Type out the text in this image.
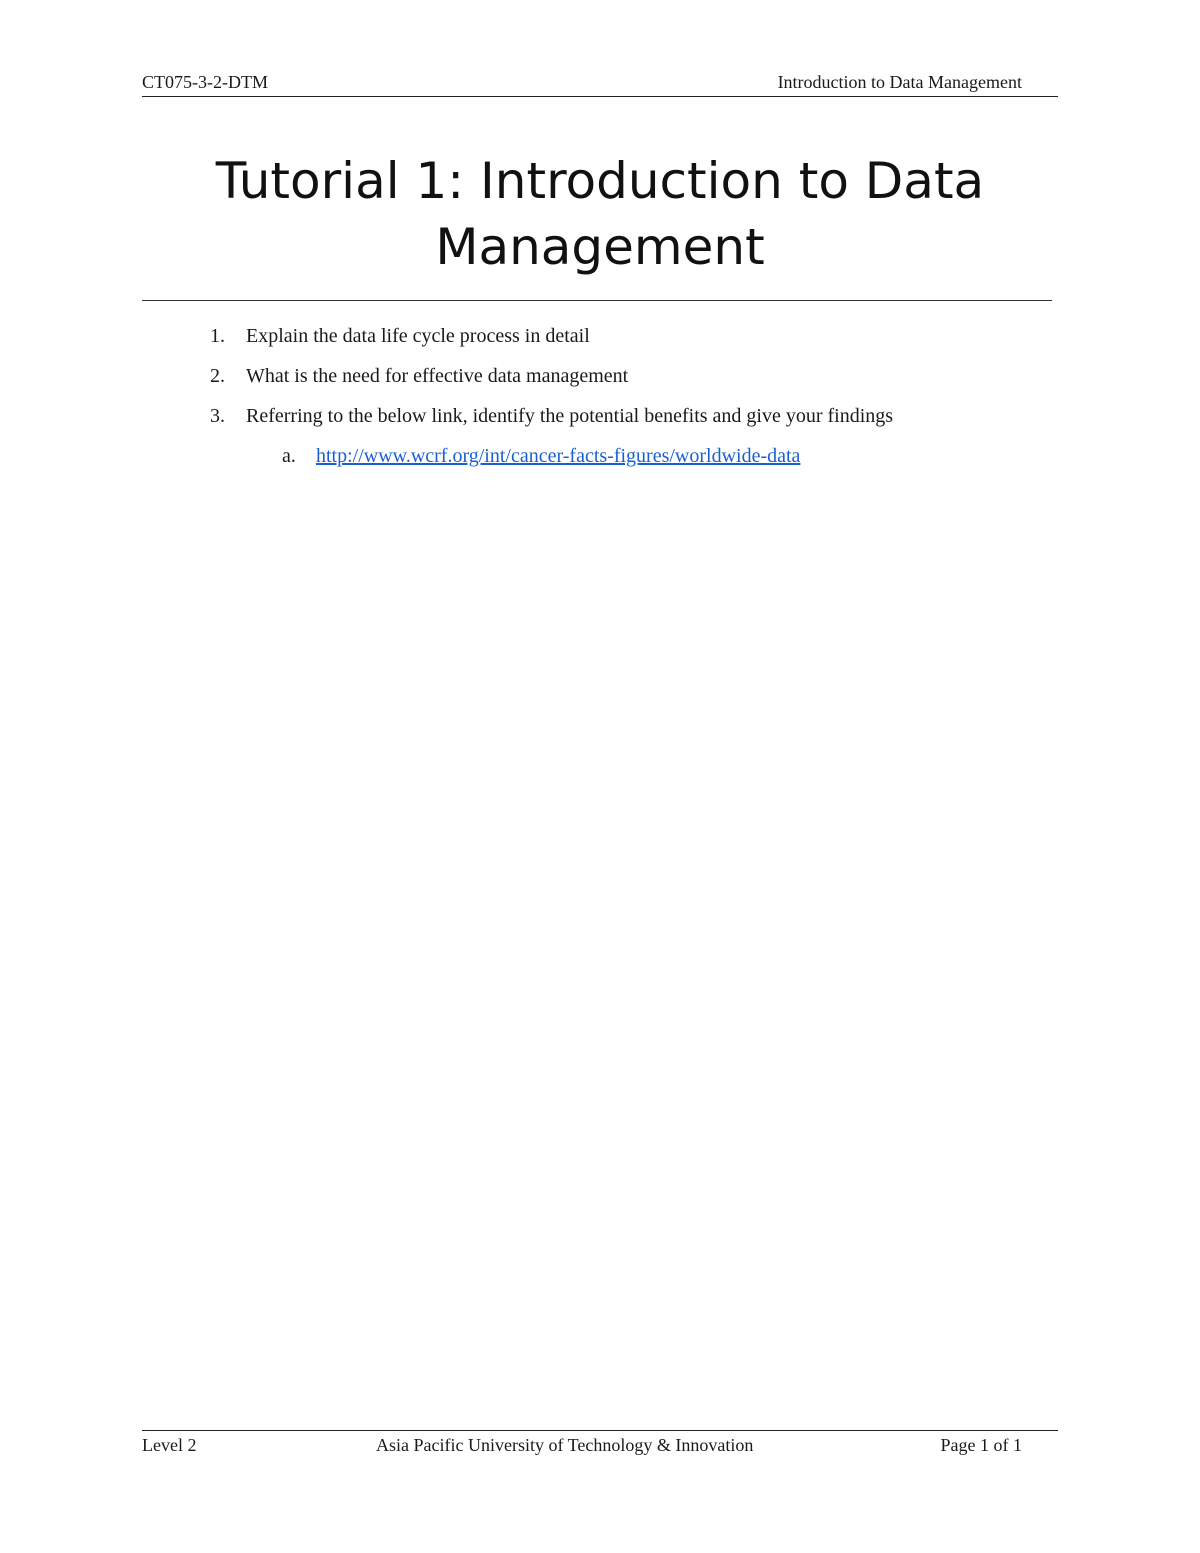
CT075-3-2-DTM	Introduction to Data Management
Tutorial 1: Introduction to Data
Management
1. Explain the data life cycle process in detail
2. What is the need for effective data management
3. Referring to the below link, identify the potential benefits and give your findings
a. http://www.wcrf.org/int/cancer-facts-figures/worldwide-data
Level 2	Asia Pacific University of Technology & Innovation	Page 1 of 1
